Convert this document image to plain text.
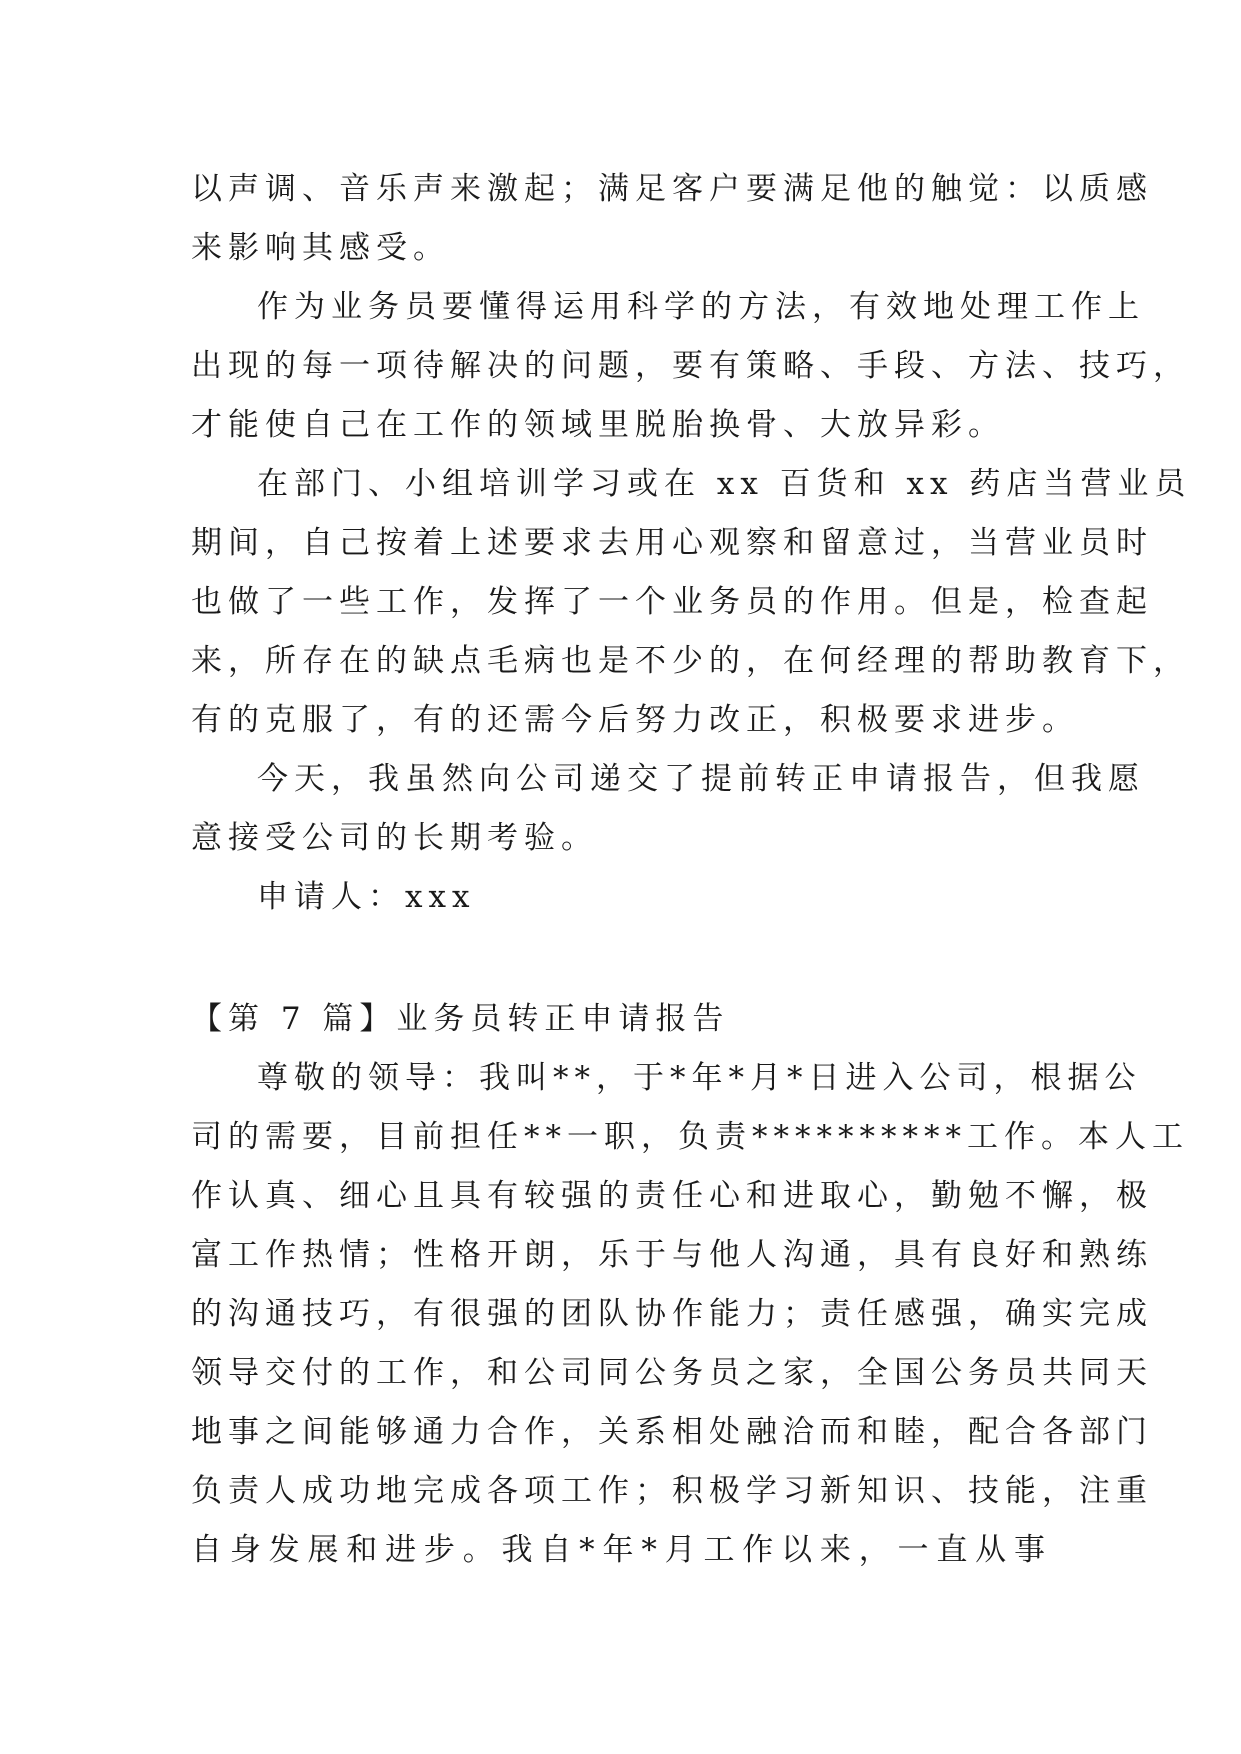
以声调、音乐声来激起；满足客户要满足他的触觉：以质感
来影响其感受。
作为业务员要懂得运用科学的方法，有效地处理工作上
出现的每一项待解决的问题，要有策略、手段、方法、技巧，
才能使自己在工作的领域里脱胎换骨、大放异彩。
在部门、小组培训学习或在 xx 百货和 xx 药店当营业员
期间，自己按着上述要求去用心观察和留意过，当营业员时
也做了一些工作，发挥了一个业务员的作用。但是，检查起
来，所存在的缺点毛病也是不少的，在何经理的帮助教育下，
有的克服了，有的还需今后努力改正，积极要求进步。
今天，我虽然向公司递交了提前转正申请报告，但我愿
意接受公司的长期考验。
申请人：xxx
【第 7 篇】业务员转正申请报告
尊敬的领导：我叫**，于*年*月*日进入公司，根据公
司的需要，目前担任**一职，负责**********工作。本人工
作认真、细心且具有较强的责任心和进取心，勤勉不懈，极
富工作热情；性格开朗，乐于与他人沟通，具有良好和熟练
的沟通技巧，有很强的团队协作能力；责任感强，确实完成
领导交付的工作，和公司同公务员之家，全国公务员共同天
地事之间能够通力合作，关系相处融洽而和睦，配合各部门
负责人成功地完成各项工作；积极学习新知识、技能，注重
自身发展和进步。我自*年*月工作以来，一直从事
